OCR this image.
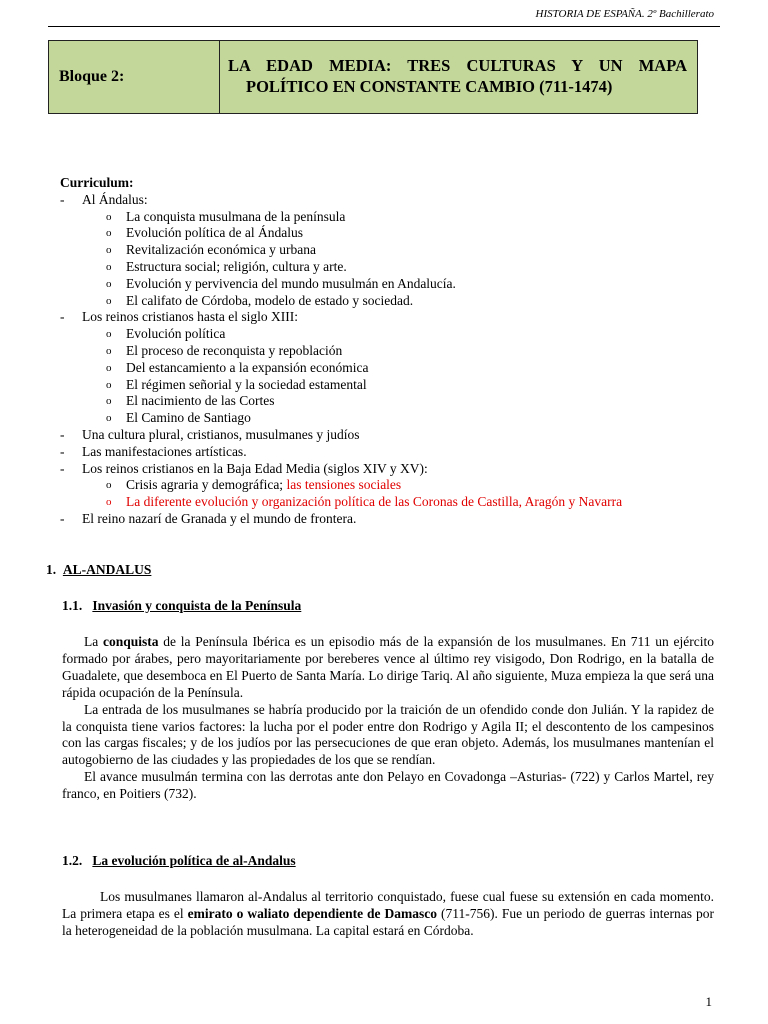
HISTORIA DE ESPAÑA. 2º Bachillerato
Bloque 2:
LA EDAD MEDIA: TRES CULTURAS Y UN MAPA
POLÍTICO EN CONSTANTE CAMBIO (711-1474)
Curriculum:
-	Al Ándalus:
o	La conquista musulmana de la península
o	Evolución política de al Ándalus
o	Revitalización económica y urbana
o	Estructura social; religión, cultura y arte.
o	Evolución y pervivencia del mundo musulmán en Andalucía.
o	El califato de Córdoba, modelo de estado y sociedad.
-	Los reinos cristianos hasta el siglo XIII:
o	Evolución política
o	El proceso de reconquista y repoblación
o	Del estancamiento a la expansión económica
o	El régimen señorial y la sociedad estamental
o	El nacimiento de las Cortes
o	El Camino de Santiago
-	Una cultura plural, cristianos, musulmanes y judíos
-	Las manifestaciones artísticas.
-	Los reinos cristianos en la Baja Edad Media (siglos XIV y XV):
o	Crisis agraria y demográfica; las tensiones sociales
o	La diferente evolución y organización política de las Coronas de Castilla, Aragón y Navarra
-	El reino nazarí de Granada y el mundo de frontera.
1. AL-ANDALUS
1.1. Invasión y conquista de la Península

La conquista de la Península Ibérica es un episodio más de la expansión de los musulmanes. En 711 un ejército formado por árabes, pero mayoritariamente por bereberes vence al último rey visigodo, Don Rodrigo, en la batalla de Guadalete, que desemboca en El Puerto de Santa María. Lo dirige Tariq. Al año siguiente, Muza empieza la que será una rápida ocupación de la Península.

La entrada de los musulmanes se habría producido por la traición de un ofendido conde don Julián. Y la rapidez de la conquista tiene varios factores: la lucha por el poder entre don Rodrigo y Agila II; el descontento de los campesinos con las cargas fiscales; y de los judíos por las persecuciones de que eran objeto. Además, los musulmanes mantenían el autogobierno de las ciudades y las propiedades de los que se rendían.

El avance musulmán termina con las derrotas ante don Pelayo en Covadonga –Asturias- (722) y Carlos Martel, rey franco, en Poitiers (732).

1.2. La evolución política de al-Andalus

Los musulmanes llamaron al-Andalus al territorio conquistado, fuese cual fuese su extensión en cada momento. La primera etapa es el emirato o waliato dependiente de Damasco (711-756). Fue un periodo de guerras internas por la heterogeneidad de la población musulmana. La capital estará en Córdoba.

1
